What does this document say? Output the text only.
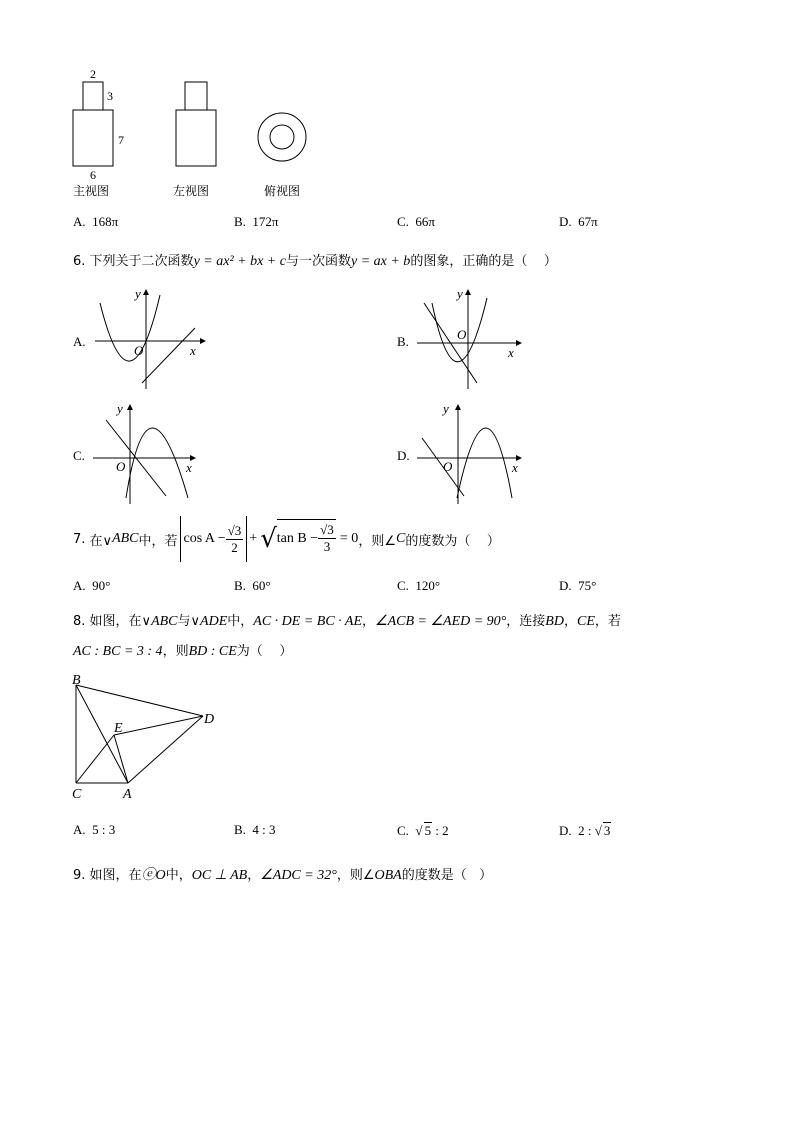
2
3
7
6
主视图	左视图	俯视图
A. 168π	B. 172π	C. 66π	D. 67π
6. 下列关于二次函数y = ax² + bx + c与一次函数y = ax + b的图象，正确的是（ ）
A.
y
x
O
B.
y
x
O
C.
y
x
O
D.
y
x
O
7.
在∨ ABC 中，若 $\cos A - \frac{√3}{2}$ + √ $\tan B - \frac{√3}{3}$
= 0 ，则∠ C 的度数为（
）
A. 90°	B. 60°	C. 120°	D. 75°
8. 如图，在∨ABC与∨ADE中，AC · DE = BC · AE，∠ACB = ∠AED = 90°，连接BD，CE，若
AC : BC = 3 : 4，则BD : CE为（ ）
B
E
D
C	A
A. 5 : 3	B. 4 : 3	C.  √ 5 : 2	D. 2 : √ 3
9. 如图，在ⓔO中，OC ⊥ AB，∠ADC = 32°，则∠OBA的度数是（ ）
